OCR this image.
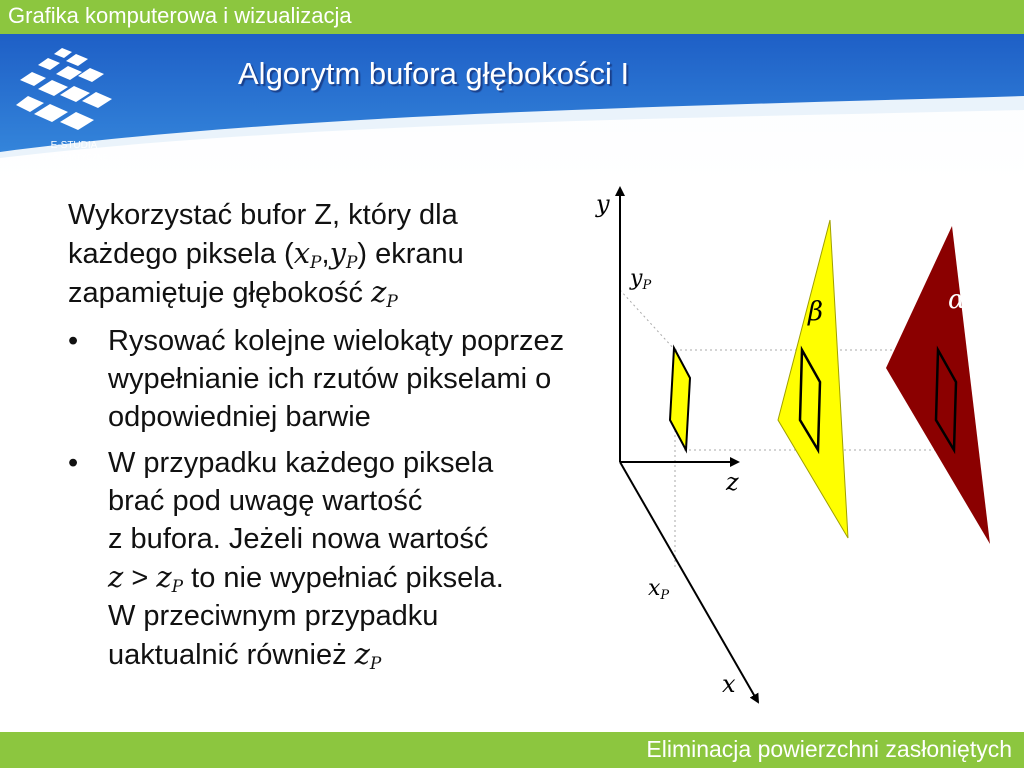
Grafika komputerowa i wizualizacja
E-STUDIA
INFORMATYCZNE
Algorytm bufora głębokości I

Wykorzystać bufor Z, który dla
każdego piksela $(x_P,y_P)$ ekranu
zapamiętuje głębokość $z_P$

• Rysować kolejne wielokąty poprzez wypełnianie ich rzutów pikselami o odpowiedniej barwie
• W przypadku każdego piksela
brać pod uwagę wartość
z bufora. Jeżeli nowa wartość
$z > z_P$ to nie wypełniać piksela.
W przeciwnym przypadku
uaktualnić również $z_P$
y
yP
z
xP
x
β	α
Eliminacja powierzchni zasłoniętych
